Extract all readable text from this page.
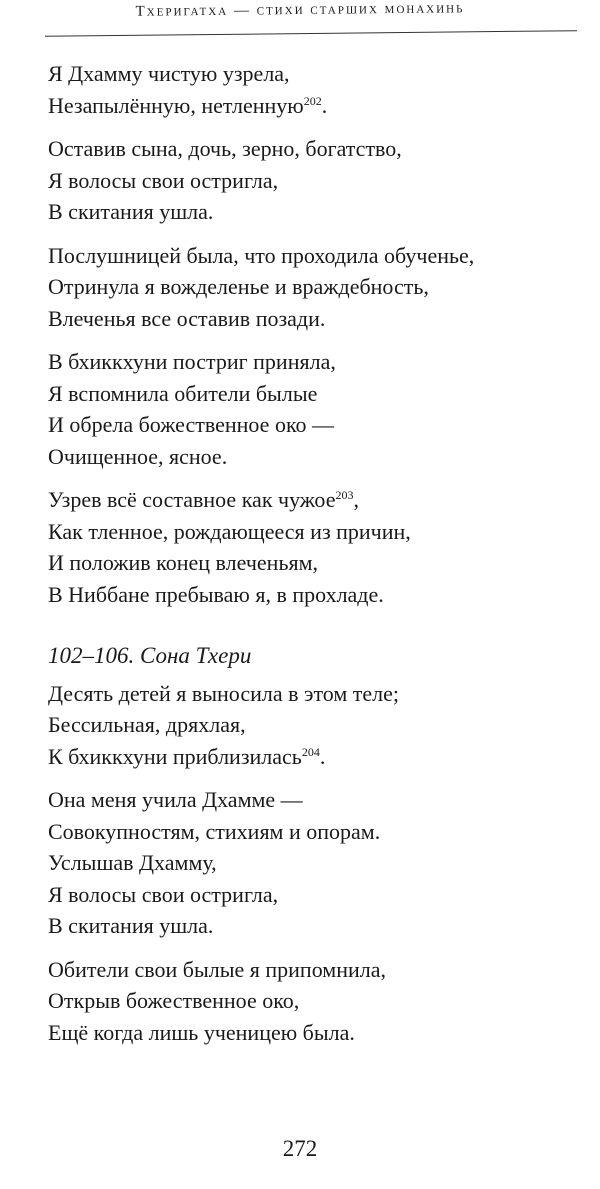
Тхеригатха — стихи старших монахинь
Я Дхамму чистую узрела,
Незапылённую, нетленную$^{202}$.
Оставив сына, дочь, зерно, богатство,
Я волосы свои остригла,
В скитания ушла.
Послушницей была, что проходила обученье,
Отринула я вожделенье и враждебность,
Влеченья все оставив позади.
В бхиккхуни постриг приняла,
Я вспомнила обители былые
И обрела божественное око —
Очищенное, ясное.
Узрев всё составное как чужое$^{203}$,
Как тленное, рождающееся из причин,
И положив конец влеченьям,
В Ниббане пребываю я, в прохладе.
102–106. Сона Тхери
Десять детей я выносила в этом теле;
Бессильная, дряхлая,
К бхиккхуни приблизилась$^{204}$.
Она меня учила Дхамме —
Совокупностям, стихиям и опорам.
Услышав Дхамму,
Я волосы свои остригла,
В скитания ушла.
Обители свои былые я припомнила,
Открыв божественное око,
Ещё когда лишь ученицею была.
272
